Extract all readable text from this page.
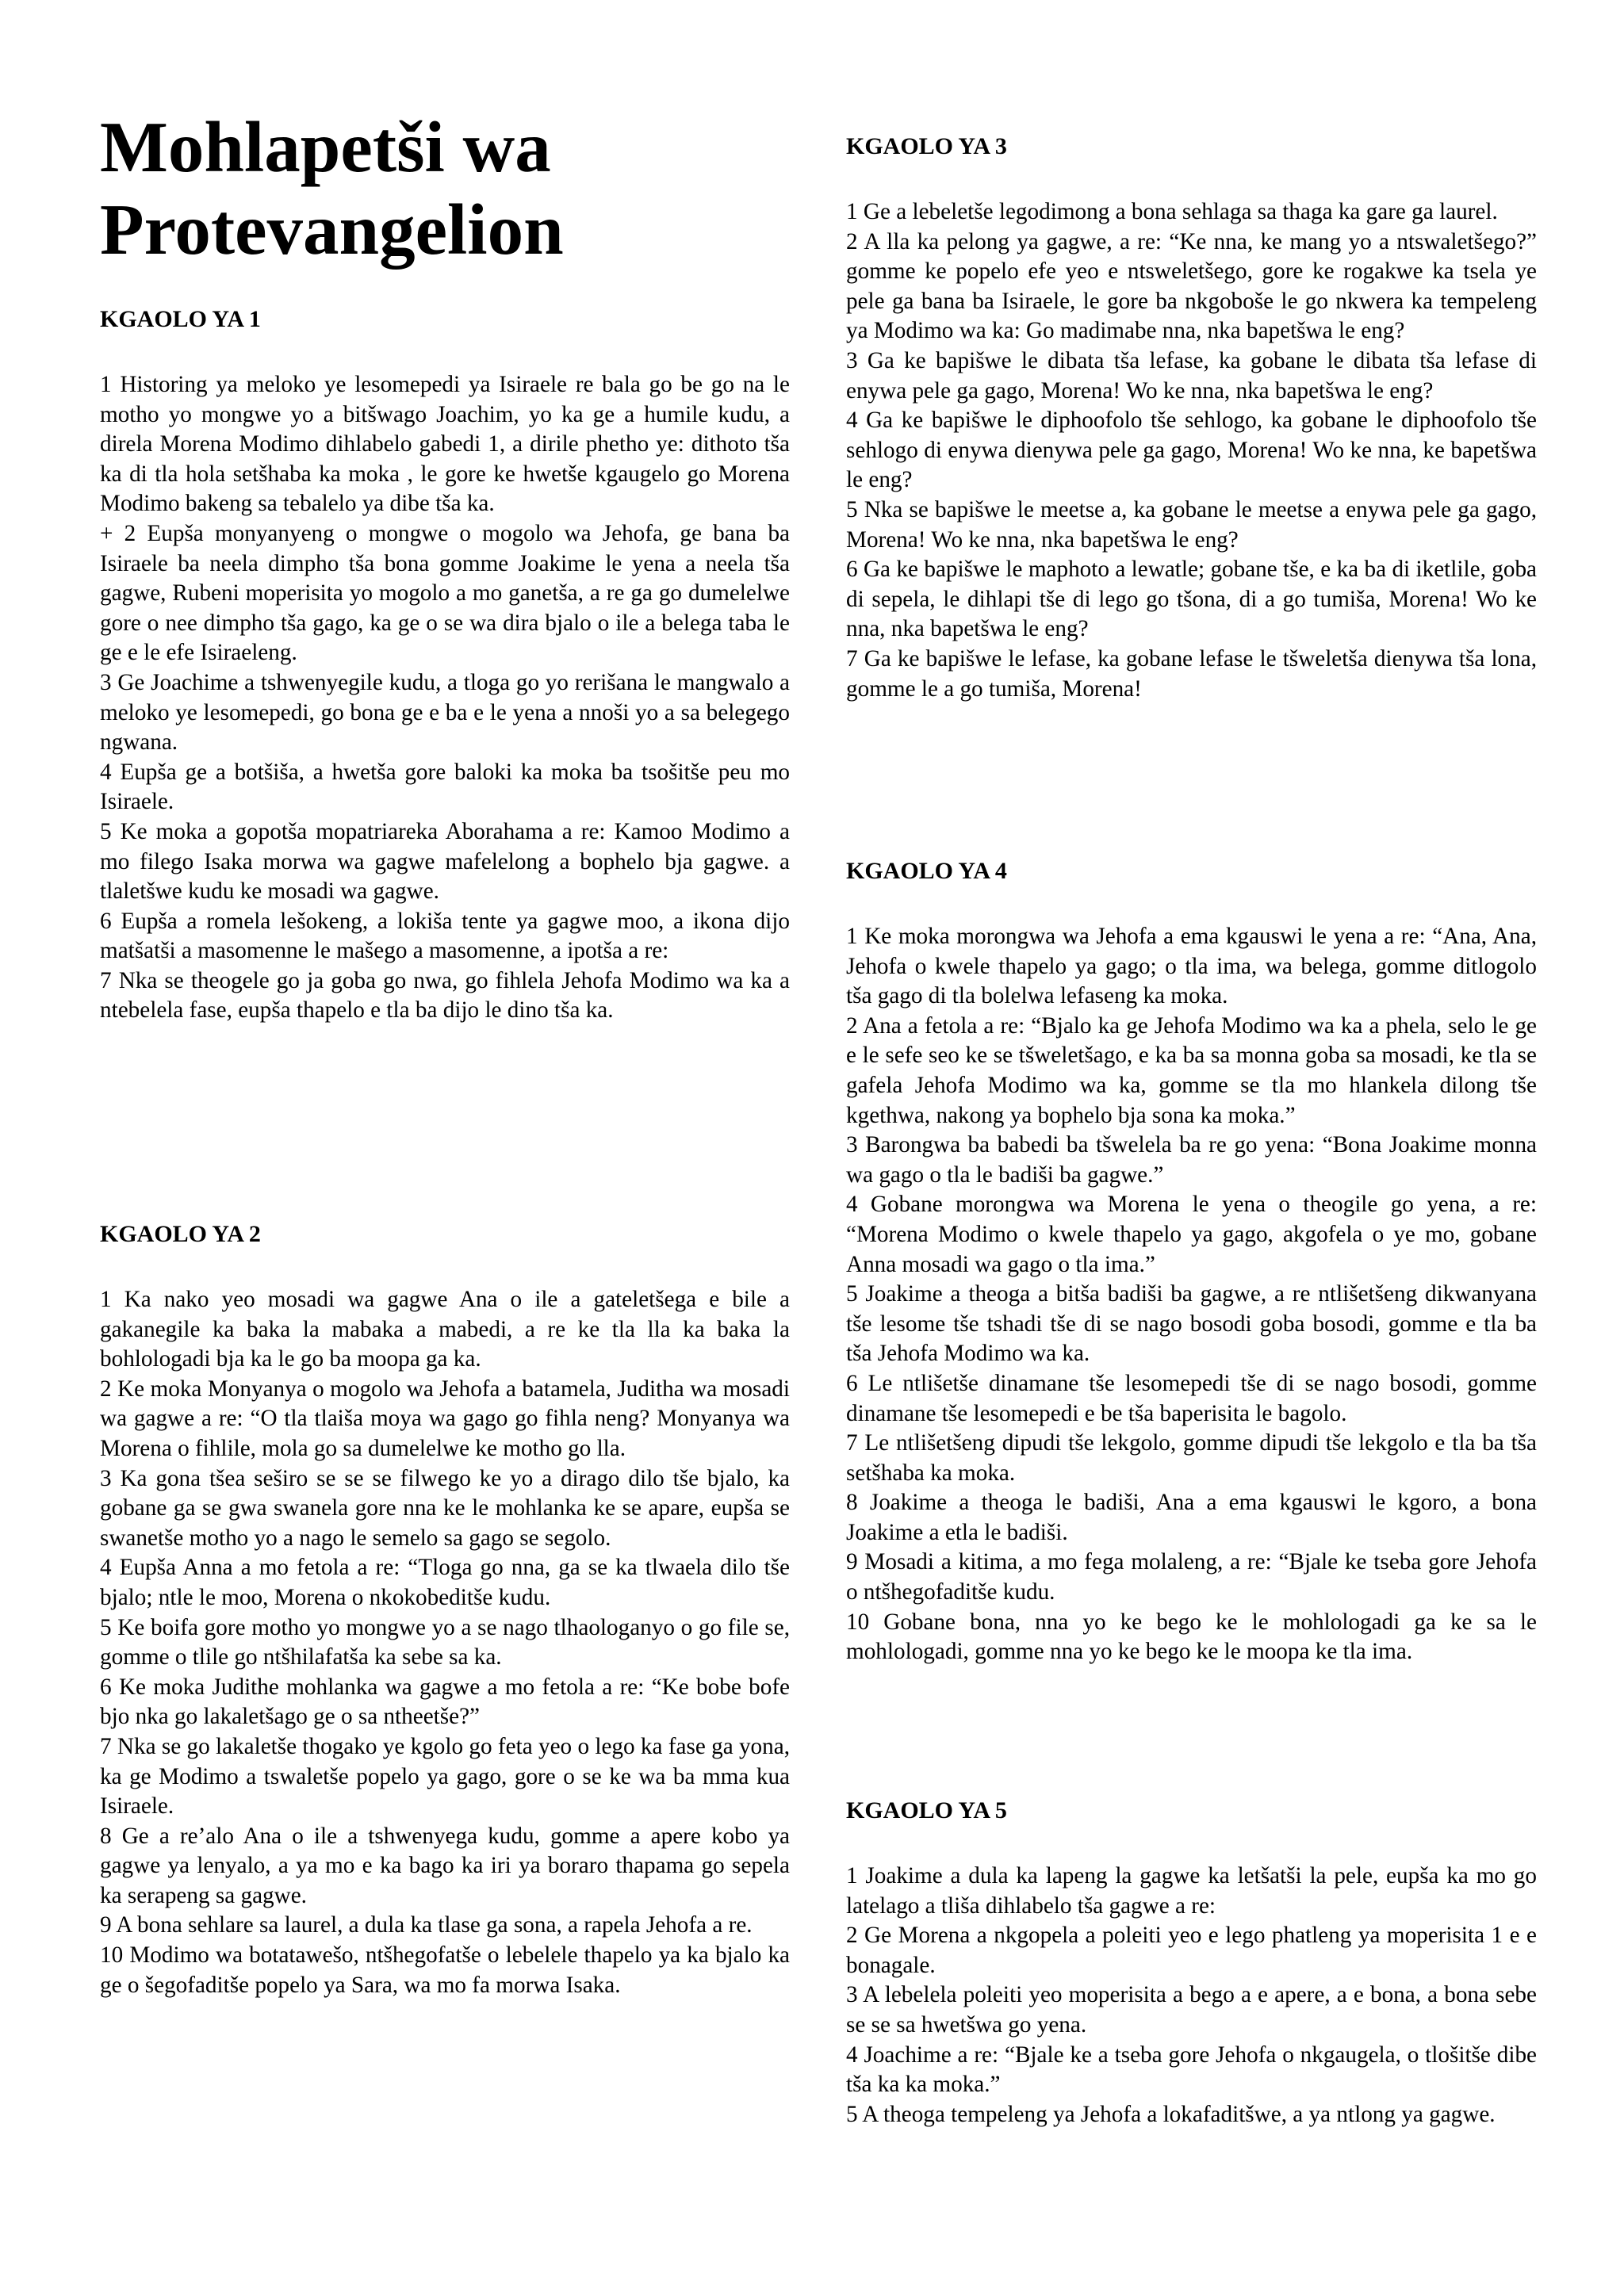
Mohlapetši wa
Protevangelion
KGAOLO YA 1

1 Historing ya meloko ye lesomepedi ya Isiraele re bala go be go na le motho yo mongwe yo a bitšwago Joachim, yo ka ge a humile kudu, a direla Morena Modimo dihlabelo gabedi 1, a dirile phetho ye: dithoto tša ka di tla hola setšhaba ka moka , le gore ke hwetše kgaugelo go Morena Modimo bakeng sa tebalelo ya dibe tša ka.

+ 2 Eupša monyanyeng o mongwe o mogolo wa Jehofa, ge bana ba Isiraele ba neela dimpho tša bona gomme Joakime le yena a neela tša gagwe, Rubeni moperisita yo mogolo a mo ganetša, a re ga go dumelelwe gore o nee dimpho tša gago, ka ge o se wa dira bjalo o ile a belega taba le ge e le efe Isiraeleng.

3 Ge Joachime a tshwenyegile kudu, a tloga go yo rerišana le mangwalo a meloko ye lesomepedi, go bona ge e ba e le yena a nnoši yo a sa belegego ngwana.

4 Eupša ge a botšiša, a hwetša gore baloki ka moka ba tsošitše peu mo Isiraele.

5 Ke moka a gopotša mopatriareka Aborahama a re: Kamoo Modimo a mo filego Isaka morwa wa gagwe mafelelong a bophelo bja gagwe. a tlaletšwe kudu ke mosadi wa gagwe.

6 Eupša a romela lešokeng, a lokiša tente ya gagwe moo, a ikona dijo matšatši a masomenne le mašego a masomenne, a ipotša a re:

7 Nka se theogele go ja goba go nwa, go fihlela Jehofa Modimo wa ka a ntebelela fase, eupša thapelo e tla ba dijo le dino tša ka.

KGAOLO YA 2

1 Ka nako yeo mosadi wa gagwe Ana o ile a gateletšega e bile a gakanegile ka baka la mabaka a mabedi, a re ke tla lla ka baka la bohlologadi bja ka le go ba moopa ga ka.

2 Ke moka Monyanya o mogolo wa Jehofa a batamela, Juditha wa mosadi wa gagwe a re: “O tla tlaiša moya wa gago go fihla neng? Monyanya wa Morena o fihlile, mola go sa dumelelwe ke motho go lla.

3 Ka gona tšea seširo se se se filwego ke yo a dirago dilo tše bjalo, ka gobane ga se gwa swanela gore nna ke le mohlanka ke se apare, eupša se swanetše motho yo a nago le semelo sa gago se segolo.

4 Eupša Anna a mo fetola a re: “Tloga go nna, ga se ka tlwaela dilo tše bjalo; ntle le moo, Morena o nkokobeditše kudu.

5 Ke boifa gore motho yo mongwe yo a se nago tlhaologanyo o go file se, gomme o tlile go ntšhilafatša ka sebe sa ka.

6 Ke moka Judithe mohlanka wa gagwe a mo fetola a re: “Ke bobe bofe bjo nka go lakaletšago ge o sa ntheetše?”

7 Nka se go lakaletše thogako ye kgolo go feta yeo o lego ka fase ga yona, ka ge Modimo a tswaletše popelo ya gago, gore o se ke wa ba mma kua Isiraele.

8 Ge a re’alo Ana o ile a tshwenyega kudu, gomme a apere kobo ya gagwe ya lenyalo, a ya mo e ka bago ka iri ya boraro thapama go sepela ka serapeng sa gagwe.

9 A bona sehlare sa laurel, a dula ka tlase ga sona, a rapela Jehofa a re.

10 Modimo wa botatawešo, ntšhegofatše o lebelele thapelo ya ka bjalo ka ge o šegofaditše popelo ya Sara, wa mo fa morwa Isaka.

KGAOLO YA 3

1 Ge a lebeletše legodimong a bona sehlaga sa thaga ka gare ga laurel.

2 A lla ka pelong ya gagwe, a re: “Ke nna, ke mang yo a ntswaletšego?” gomme ke popelo efe yeo e ntsweletšego, gore ke rogakwe ka tsela ye pele ga bana ba Isiraele, le gore ba nkgoboše le go nkwera ka tempeleng ya Modimo wa ka: Go madimabe nna, nka bapetšwa le eng?

3 Ga ke bapišwe le dibata tša lefase, ka gobane le dibata tša lefase di enywa pele ga gago, Morena! Wo ke nna, nka bapetšwa le eng?

4 Ga ke bapišwe le diphoofolo tše sehlogo, ka gobane le diphoofolo tše sehlogo di enywa dienywa pele ga gago, Morena! Wo ke nna, ke bapetšwa le eng?

5 Nka se bapišwe le meetse a, ka gobane le meetse a enywa pele ga gago, Morena! Wo ke nna, nka bapetšwa le eng?

6 Ga ke bapišwe le maphoto a lewatle; gobane tše, e ka ba di iketlile, goba di sepela, le dihlapi tše di lego go tšona, di a go tumiša, Morena! Wo ke nna, nka bapetšwa le eng?

7 Ga ke bapišwe le lefase, ka gobane lefase le tšweletša dienywa tša lona, gomme le a go tumiša, Morena!

KGAOLO YA 4

1 Ke moka morongwa wa Jehofa a ema kgauswi le yena a re: “Ana, Ana, Jehofa o kwele thapelo ya gago; o tla ima, wa belega, gomme ditlogolo tša gago di tla bolelwa lefaseng ka moka.

2 Ana a fetola a re: “Bjalo ka ge Jehofa Modimo wa ka a phela, selo le ge e le sefe seo ke se tšweletšago, e ka ba sa monna goba sa mosadi, ke tla se gafela Jehofa Modimo wa ka, gomme se tla mo hlankela dilong tše kgethwa, nakong ya bophelo bja sona ka moka.”

3 Barongwa ba babedi ba tšwelela ba re go yena: “Bona Joakime monna wa gago o tla le badiši ba gagwe.”

4 Gobane morongwa wa Morena le yena o theogile go yena, a re: “Morena Modimo o kwele thapelo ya gago, akgofela o ye mo, gobane Anna mosadi wa gago o tla ima.”

5 Joakime a theoga a bitša badiši ba gagwe, a re ntlišetšeng dikwanyana tše lesome tše tshadi tše di se nago bosodi goba bosodi, gomme e tla ba tša Jehofa Modimo wa ka.

6 Le ntlišetše dinamane tše lesomepedi tše di se nago bosodi, gomme dinamane tše lesomepedi e be tša baperisita le bagolo.

7 Le ntlišetšeng dipudi tše lekgolo, gomme dipudi tše lekgolo e tla ba tša setšhaba ka moka.

8 Joakime a theoga le badiši, Ana a ema kgauswi le kgoro, a bona Joakime a etla le badiši.

9 Mosadi a kitima, a mo fega molaleng, a re: “Bjale ke tseba gore Jehofa o ntšhegofaditše kudu.

10 Gobane bona, nna yo ke bego ke le mohlologadi ga ke sa le mohlologadi, gomme nna yo ke bego ke le moopa ke tla ima.

KGAOLO YA 5

1 Joakime a dula ka lapeng la gagwe ka letšatši la pele, eupša ka mo go latelago a tliša dihlabelo tša gagwe a re:

2 Ge Morena a nkgopela a poleiti yeo e lego phatleng ya moperisita 1 e e bonagale.

3 A lebelela poleiti yeo moperisita a bego a e apere, a e bona, a bona sebe se se sa hwetšwa go yena.

4 Joachime a re: “Bjale ke a tseba gore Jehofa o nkgaugela, o tlošitše dibe tša ka ka moka.”

5 A theoga tempeleng ya Jehofa a lokafaditšwe, a ya ntlong ya gagwe.
